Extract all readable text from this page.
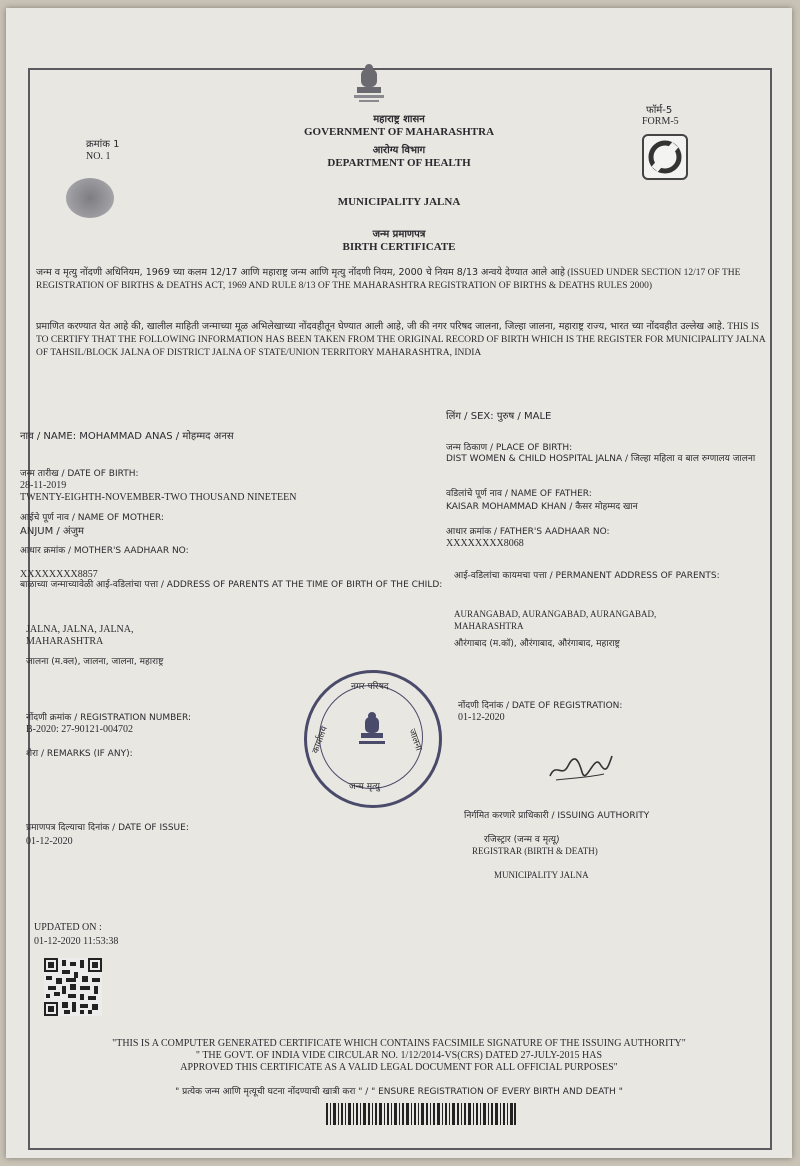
महाराष्ट्र शासन
GOVERNMENT OF MAHARASHTRA
आरोग्य विभाग
DEPARTMENT OF HEALTH
क्रमांक 1
NO. 1
फॉर्म-5
FORM-5
MUNICIPALITY JALNA
जन्म प्रमाणपत्र
BIRTH CERTIFICATE
जन्म व मृत्यु नोंदणी अधिनियम, 1969 च्या कलम 12/17 आणि महाराष्ट्र जन्म आणि मृत्यु नोंदणी नियम, 2000 चे नियम 8/13 अन्वये देण्यात आले आहे (ISSUED UNDER SECTION 12/17 OF THE REGISTRATION OF BIRTHS & DEATHS ACT, 1969 AND RULE 8/13 OF THE MAHARASHTRA REGISTRATION OF BIRTHS & DEATHS RULES 2000)
प्रमाणित करण्यात येत आहे की, खालील माहिती जन्माच्या मूळ अभिलेखाच्या नोंदवहीतून घेण्यात आली आहे, जी की नगर परिषद जालना, जिल्हा जालना, महाराष्ट्र राज्य, भारत च्या नोंदवहीत उल्लेख आहे. THIS IS TO CERTIFY THAT THE FOLLOWING INFORMATION HAS BEEN TAKEN FROM THE ORIGINAL RECORD OF BIRTH WHICH IS THE REGISTER FOR MUNICIPALITY JALNA OF TAHSIL/BLOCK JALNA OF DISTRICT JALNA OF STATE/UNION TERRITORY MAHARASHTRA, INDIA
नाव / NAME: MOHAMMAD ANAS / मोहम्मद अनस
जन्म तारीख / DATE OF BIRTH:
28-11-2019
TWENTY-EIGHTH-NOVEMBER-TWO THOUSAND NINETEEN
आईचे पूर्ण नाव / NAME OF MOTHER:
ANJUM / अंजुम
आधार क्रमांक / MOTHER'S AADHAAR NO:
XXXXXXXX8857
बाळाच्या जन्माच्यावेळी आई-वडिलांचा पत्ता / ADDRESS OF PARENTS AT THE TIME OF BIRTH OF THE CHILD:
JALNA, JALNA, JALNA, MAHARASHTRA
जालना (म.क्ल), जालना, जालना, महाराष्ट्र
नोंदणी क्रमांक / REGISTRATION NUMBER:
B-2020: 27-90121-004702
शेरा / REMARKS (IF ANY):
प्रमाणपत्र दिल्याचा दिनांक / DATE OF ISSUE:
01-12-2020
UPDATED ON :
01-12-2020 11:53:38
लिंग / SEX: पुरुष / MALE
जन्म ठिकाण / PLACE OF BIRTH:
DIST WOMEN & CHILD HOSPITAL JALNA / जिल्हा महिला व बाल रुग्णालय जालना
वडिलांचे पूर्ण नाव / NAME OF FATHER:
KAISAR MOHAMMAD KHAN / कैसर मोहम्मद खान
आधार क्रमांक / FATHER'S AADHAAR NO:
XXXXXXXX8068
आई-वडिलांचा कायमचा पत्ता / PERMANENT ADDRESS OF PARENTS:
AURANGABAD, AURANGABAD, AURANGABAD, MAHARASHTRA
औरंगाबाद (म.कॉ), औरंगाबाद, औरंगाबाद, महाराष्ट्र
नोंदणी दिनांक / DATE OF REGISTRATION:
01-12-2020
निर्गमित करणारे प्राधिकारी / ISSUING AUTHORITY
रजिस्ट्रार (जन्म व मृत्यू)
REGISTRAR (BIRTH & DEATH)
MUNICIPALITY JALNA
नगर परिषद
कार्यालय	जालना
जन्म मृत्यु
"THIS IS A COMPUTER GENERATED CERTIFICATE WHICH CONTAINS FACSIMILE SIGNATURE OF THE ISSUING AUTHORITY"
" THE GOVT. OF INDIA VIDE CIRCULAR NO. 1/12/2014-VS(CRS) DATED 27-JULY-2015 HAS
APPROVED THIS CERTIFICATE AS A VALID LEGAL DOCUMENT FOR ALL OFFICIAL PURPOSES"
" प्रत्येक जन्म आणि मृत्यूची घटना नोंदण्याची खात्री करा " / " ENSURE REGISTRATION OF EVERY BIRTH AND DEATH "
